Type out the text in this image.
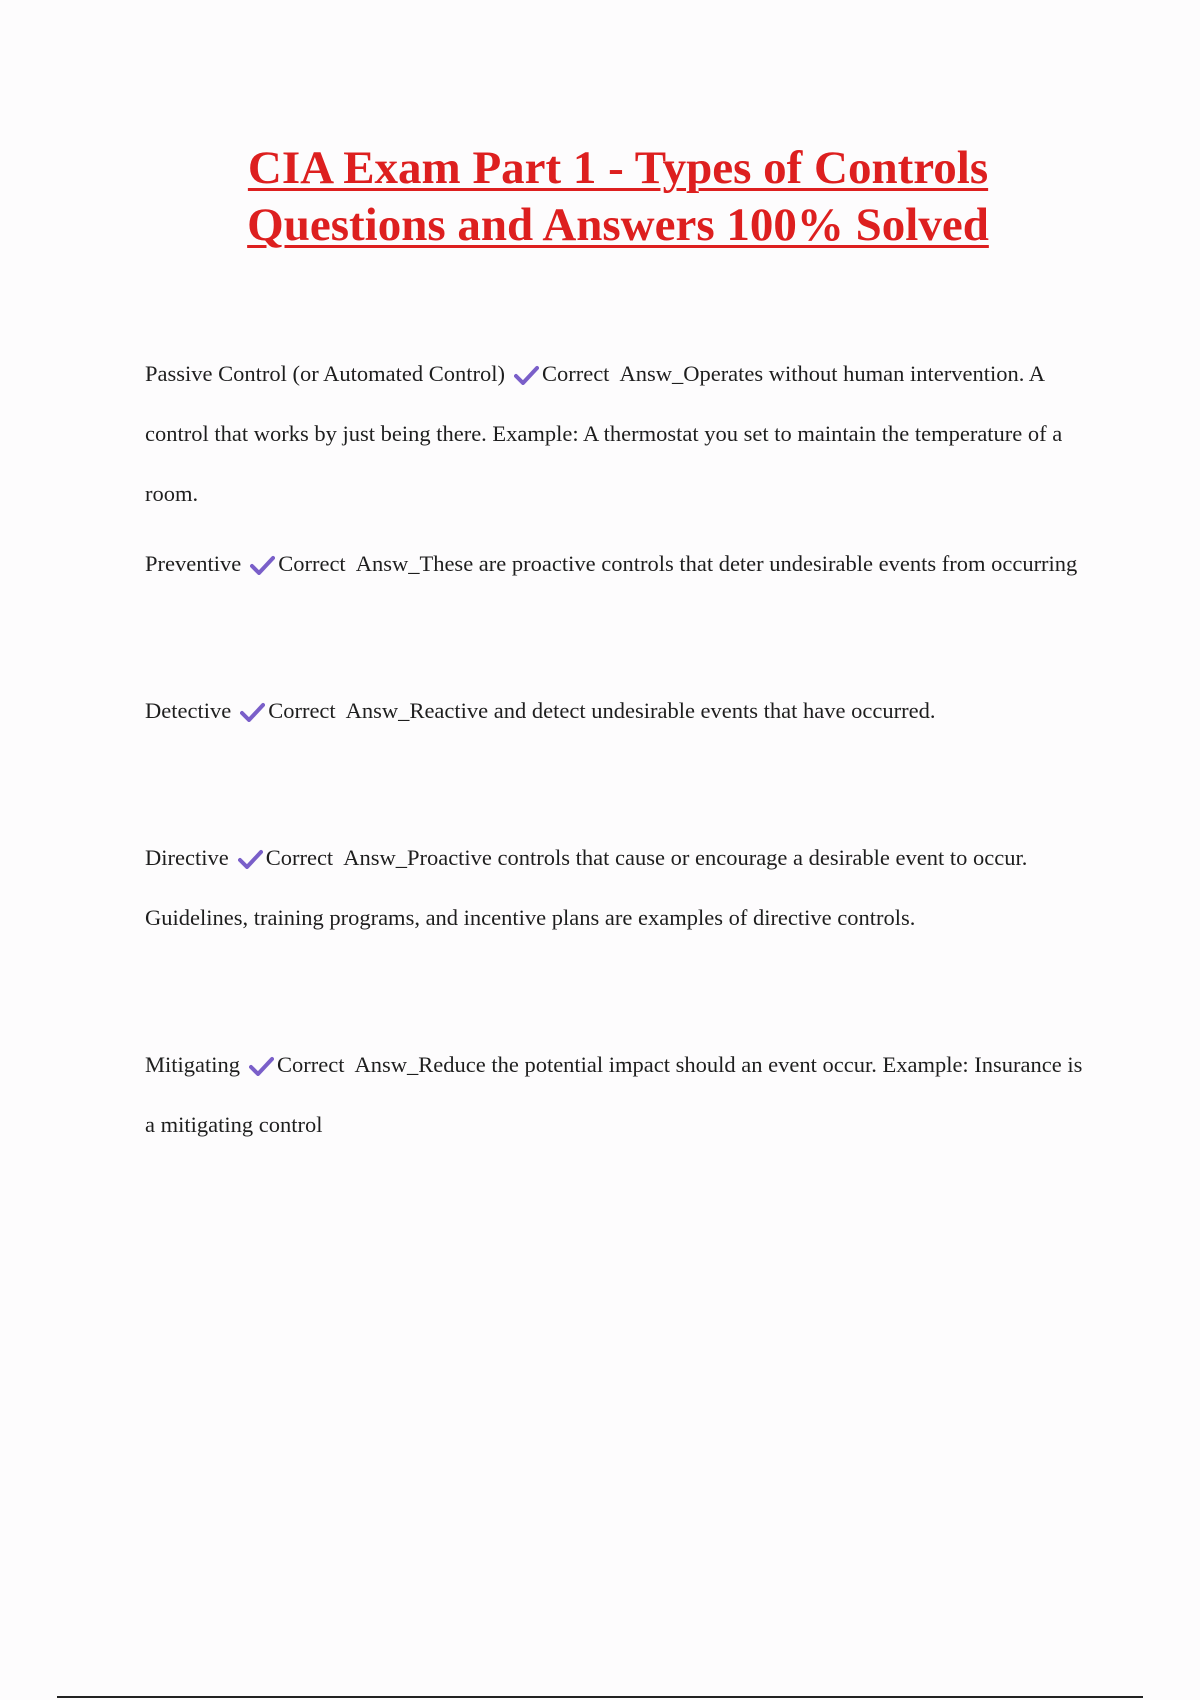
CIA Exam Part 1 - Types of Controls
Questions and Answers 100% Solved

Passive Control (or Automated Control) Correct  Answ_Operates without human intervention. A control that works by just being there. Example: A thermostat you set to maintain the temperature of a room.

Preventive Correct  Answ_These are proactive controls that deter undesirable events from occurring

Detective Correct  Answ_Reactive and detect undesirable events that have occurred.

Directive Correct  Answ_Proactive controls that cause or encourage a desirable event to occur. Guidelines, training programs, and incentive plans are examples of directive controls.

Mitigating Correct  Answ_Reduce the potential impact should an event occur. Example: Insurance is a mitigating control
